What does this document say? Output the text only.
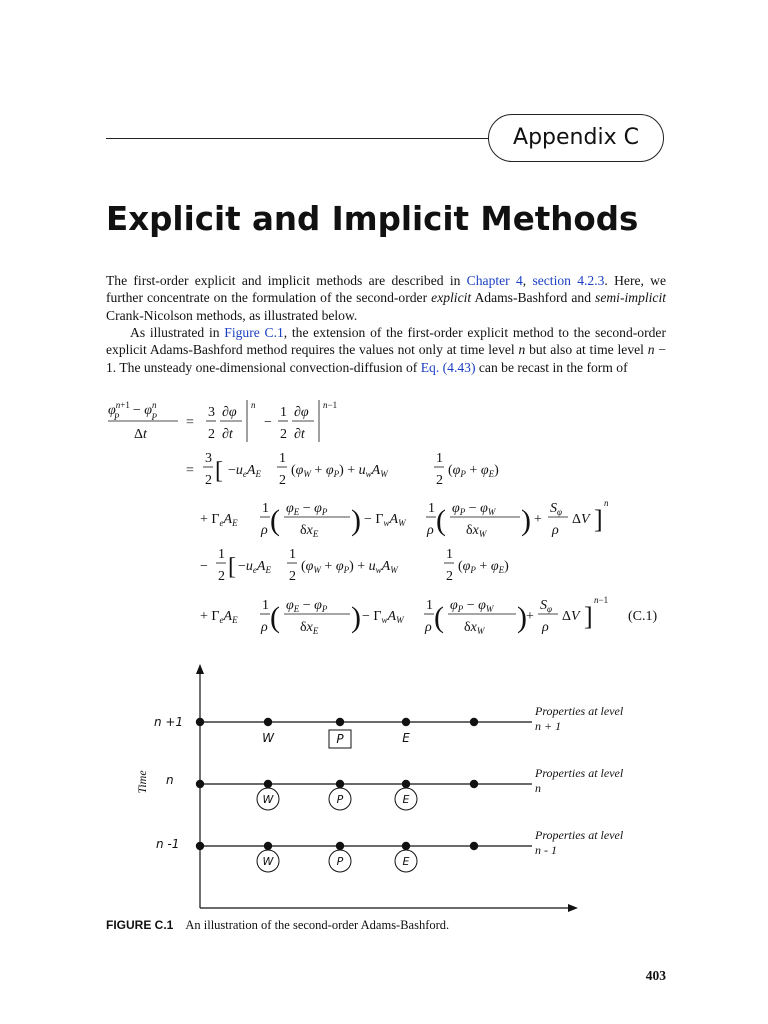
Appendix C
Explicit and Implicit Methods

The first-order explicit and implicit methods are described in Chapter 4, section 4.2.3. Here, we further concentrate on the formulation of the second-order explicit Adams-Bashford and semi-implicit Crank-Nicolson methods, as illustrated below.

As illustrated in Figure C.1, the extension of the first-order explicit method to the second-order explicit Adams-Bashford method requires the values not only at time level n but also at time level n − 1. The unsteady one-dimensional convection-diffusion of Eq. (4.43) can be recast in the form of

$\varphi^n+1$ $P - \varphi^n$ P
Δt
=
3
2
∂φ
∂t
n
−
1
2
∂φ
∂t
n−1
=
3
2 [ $-u_eA_E$
1
2
$(\varphi_W + \varphi_P) + u_wA_W$
1
2
$(\varphi_P + \varphi_E)$
+ $\Gamma_eA_E$
1
ρ ( $\varphi_E - \varphi_P$
$\delta x_E$ ) − $\Gamma_wA_W$
1
ρ ( $\varphi_P - \varphi_W$
$\delta x_W$ ) +
$S_\varphi$
ρ
ΔV ]
n
−
1
2 [ $-u_eA_E$
1
2
$(\varphi_W + \varphi_P) + u_wA_W$
1
2
$(\varphi_P + \varphi_E)$
+ $\Gamma_eA_E$
1
ρ ( $\varphi_E - \varphi_P$
$\delta x_E$ ) − $\Gamma_wA_W$
1
ρ ( $\varphi_P - \varphi_W$
$\delta x_W$ ) +
$S_\varphi$
ρ
ΔV ]
n−1
(C.1)
Time
n +1
W	P	E
Properties at level
n + 1
n
W	P	E
Properties at level
n
n -1
W	P	E
Properties at level
n - 1

FIGURE C.1 An illustration of the second-order Adams-Bashford.

403
